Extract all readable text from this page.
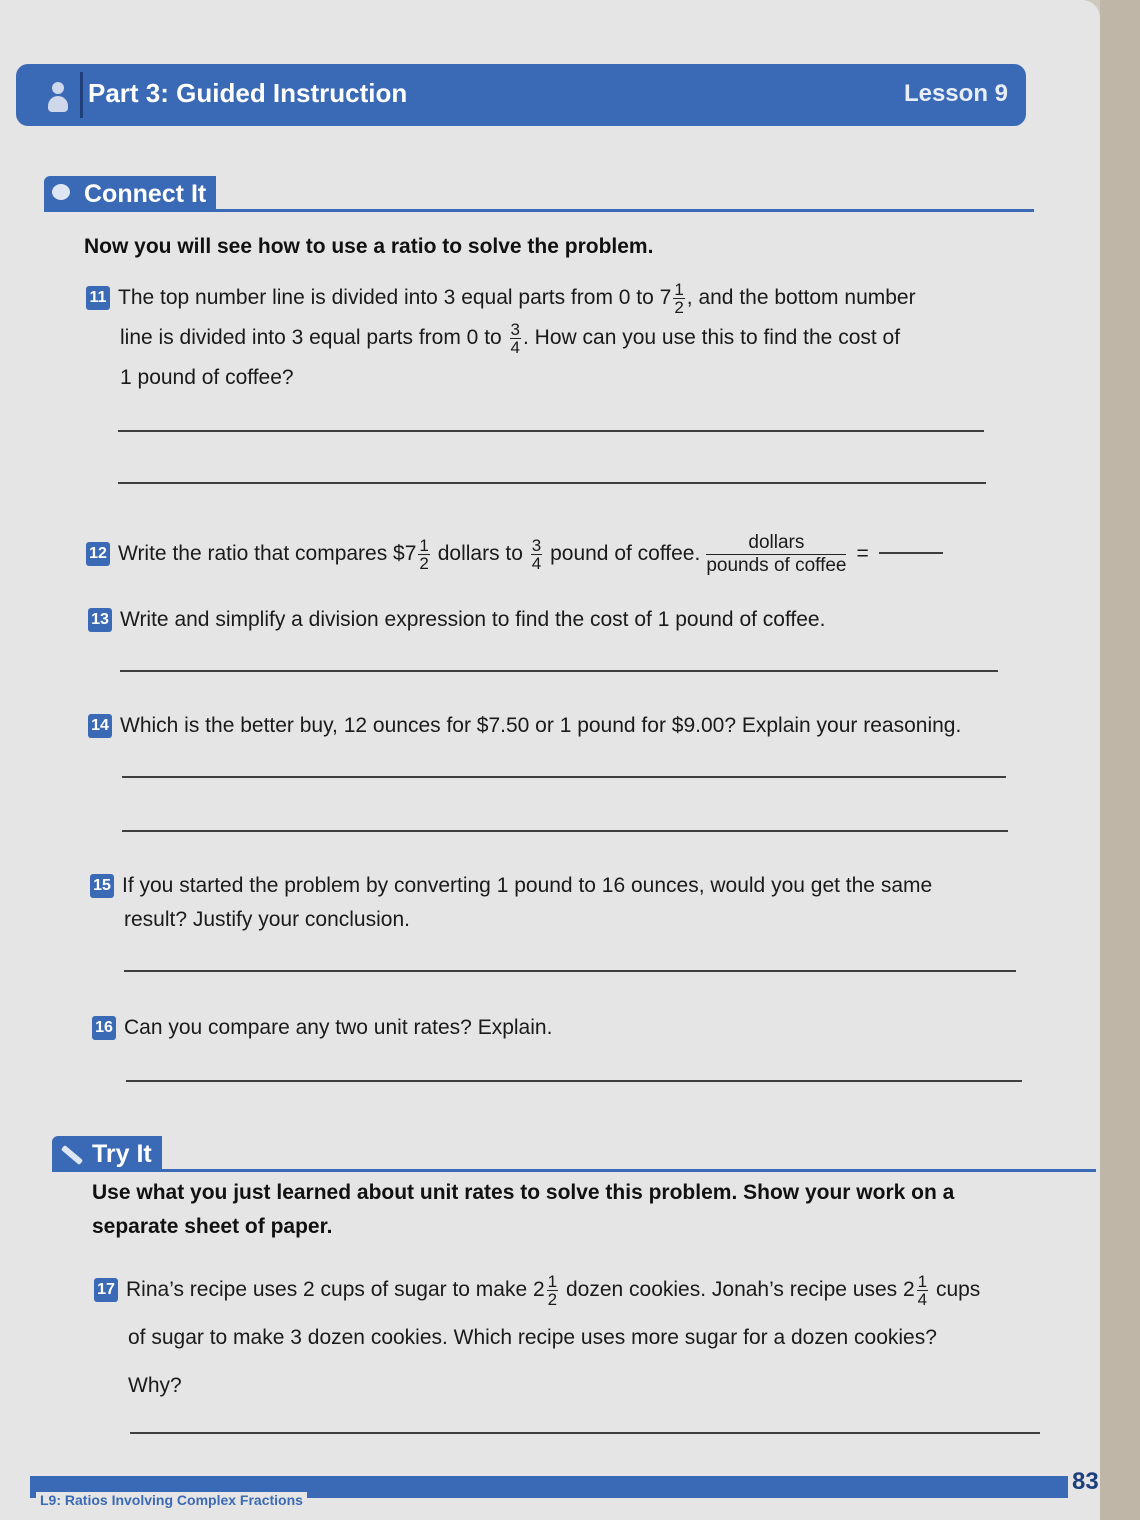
Part 3: Guided Instruction	Lesson 9
Connect It
Now you will see how to use a ratio to solve the problem.
11 The top number line is divided into 3 equal parts from 0 to $7 \frac{1}{2}$ , and the bottom number
line is divided into 3 equal parts from 0 to $\frac{3}{4}$ . How can you use this to find the cost of
1 pound of coffee?
12 Write the ratio that compares $7 $\frac{1}{2}$ dollars to $\frac{3}{4}$ pound of coffee. $\frac{\text{dollars}}{\text{pounds of coffee}}$ =
13 Write and simplify a division expression to find the cost of 1 pound of coffee.
14 Which is the better buy, 12 ounces for $7.50 or 1 pound for $9.00? Explain your reasoning.
15 If you started the problem by converting 1 pound to 16 ounces, would you get the same
result? Justify your conclusion.
16 Can you compare any two unit rates? Explain.
Try It
Use what you just learned about unit rates to solve this problem. Show your work on a
separate sheet of paper.
17 Rina’s recipe uses 2 cups of sugar to make $2 \frac{1}{2}$ dozen cookies. Jonah’s recipe uses $2 \frac{1}{4}$ cups
of sugar to make 3 dozen cookies. Which recipe uses more sugar for a dozen cookies?
Why?
L9: Ratios Involving Complex Fractions
83
